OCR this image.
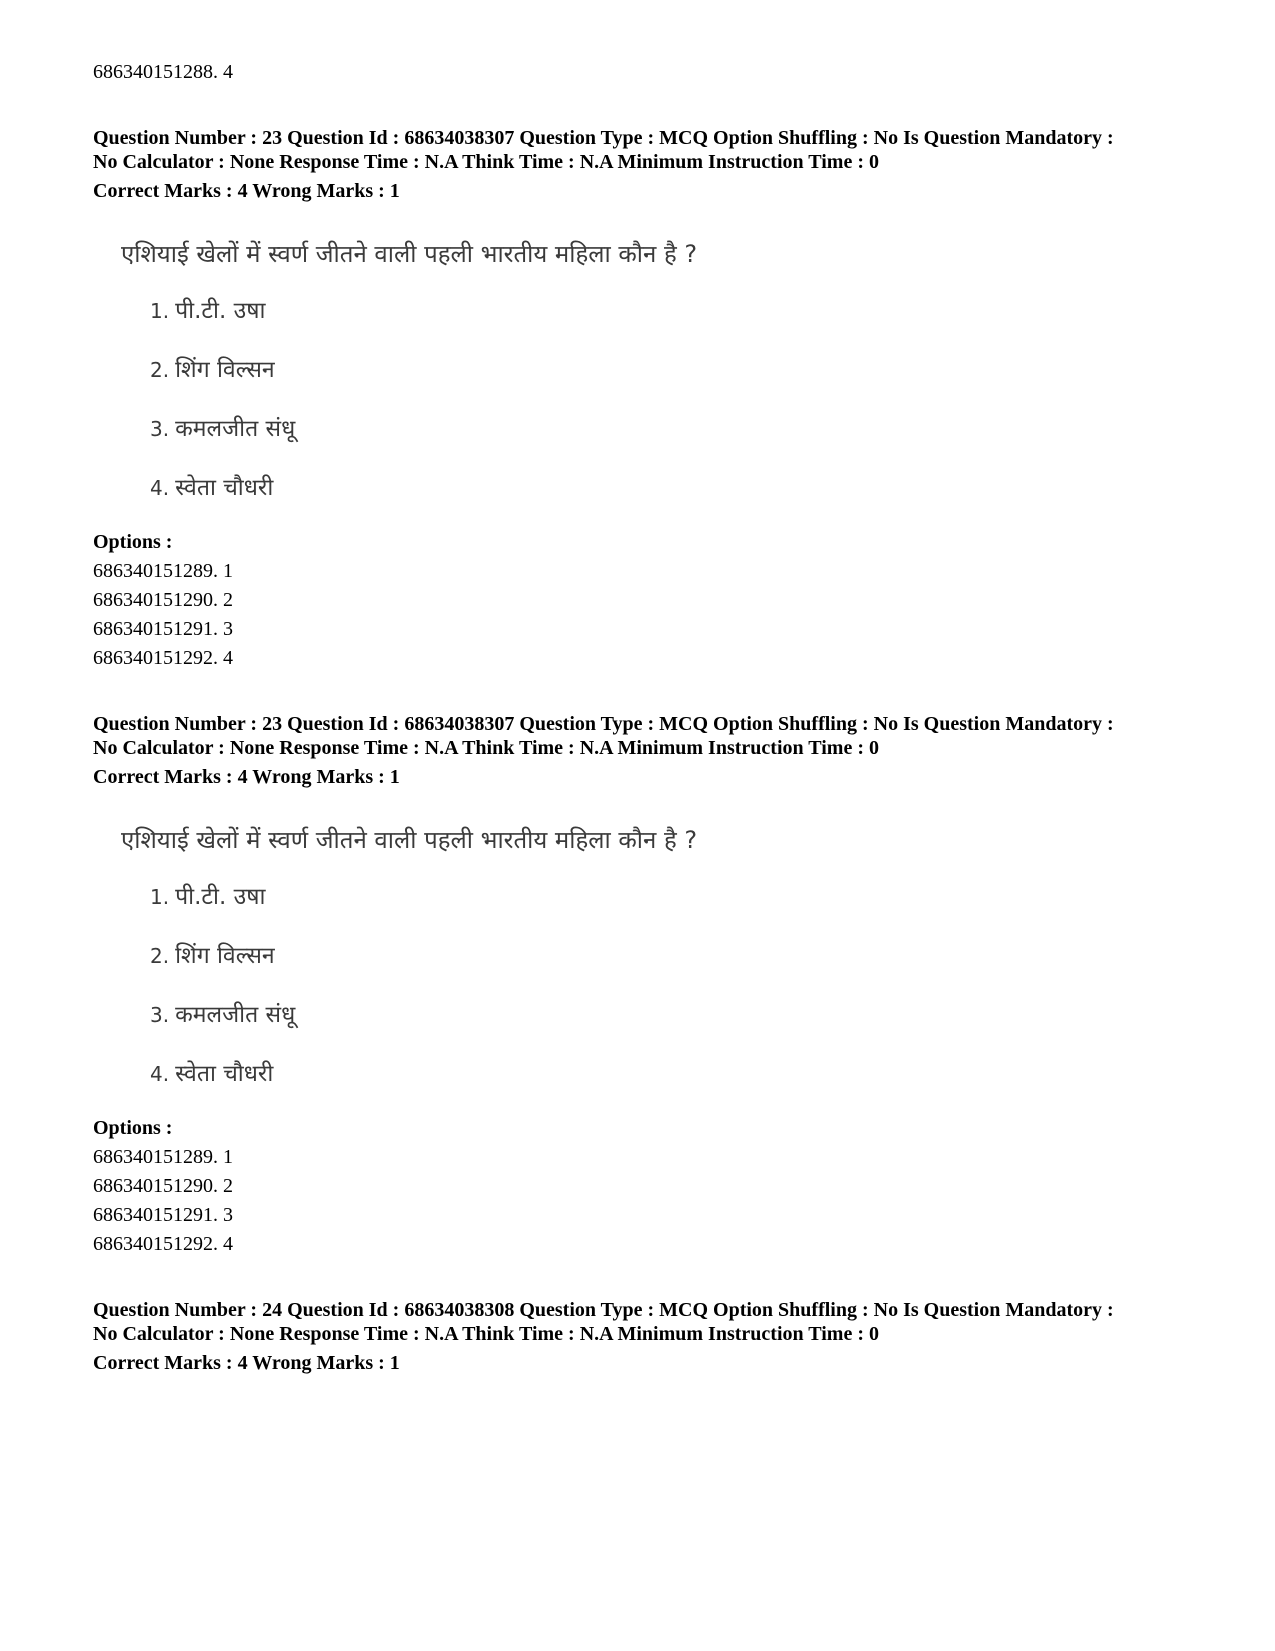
686340151288. 4
Question Number : 23 Question Id : 68634038307 Question Type : MCQ Option Shuffling : No Is Question Mandatory :
No Calculator : None Response Time : N.A Think Time : N.A Minimum Instruction Time : 0
Correct Marks : 4 Wrong Marks : 1
एशियाई खेलों में स्वर्ण जीतने वाली पहली भारतीय महिला कौन है ?
1. पी.टी. उषा
2. शिंग विल्सन
3. कमलजीत संधू
4. स्वेता चौधरी
Options :
686340151289. 1
686340151290. 2
686340151291. 3
686340151292. 4
Question Number : 23 Question Id : 68634038307 Question Type : MCQ Option Shuffling : No Is Question Mandatory :
No Calculator : None Response Time : N.A Think Time : N.A Minimum Instruction Time : 0
Correct Marks : 4 Wrong Marks : 1
एशियाई खेलों में स्वर्ण जीतने वाली पहली भारतीय महिला कौन है ?
1. पी.टी. उषा
2. शिंग विल्सन
3. कमलजीत संधू
4. स्वेता चौधरी
Options :
686340151289. 1
686340151290. 2
686340151291. 3
686340151292. 4
Question Number : 24 Question Id : 68634038308 Question Type : MCQ Option Shuffling : No Is Question Mandatory :
No Calculator : None Response Time : N.A Think Time : N.A Minimum Instruction Time : 0
Correct Marks : 4 Wrong Marks : 1
